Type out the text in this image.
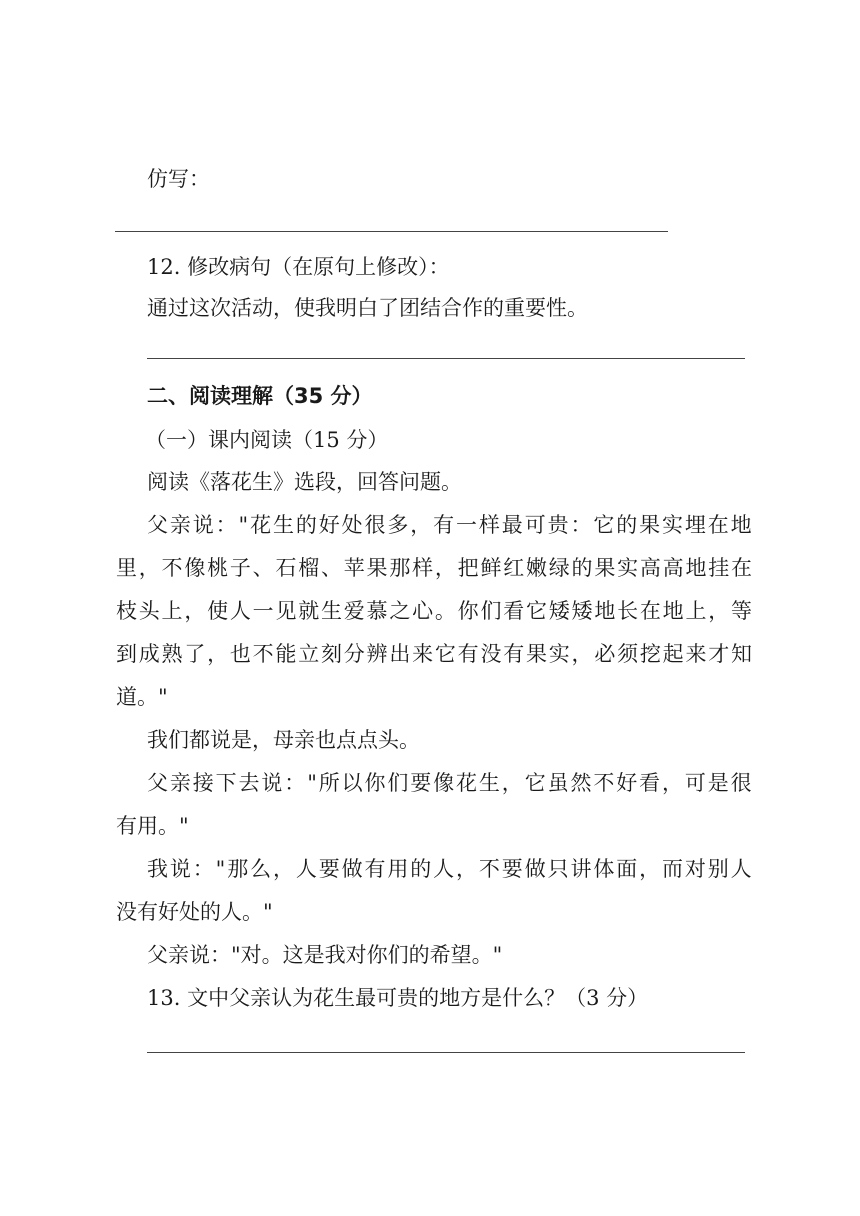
仿写：
12. 修改病句（在原句上修改）：
通过这次活动，使我明白了团结合作的重要性。
二、阅读理解（35 分）
（一）课内阅读（15 分）
阅读《落花生》选段，回答问题。
父亲说："花生的好处很多，有一样最可贵：它的果实埋在地
里，不像桃子、石榴、苹果那样，把鲜红嫩绿的果实高高地挂在
枝头上，使人一见就生爱慕之心。你们看它矮矮地长在地上，等
到成熟了，也不能立刻分辨出来它有没有果实，必须挖起来才知
道。"
我们都说是，母亲也点点头。
父亲接下去说："所以你们要像花生，它虽然不好看，可是很
有用。"
我说："那么，人要做有用的人，不要做只讲体面，而对别人
没有好处的人。"
父亲说："对。这是我对你们的希望。"
13. 文中父亲认为花生最可贵的地方是什么？（3 分）
